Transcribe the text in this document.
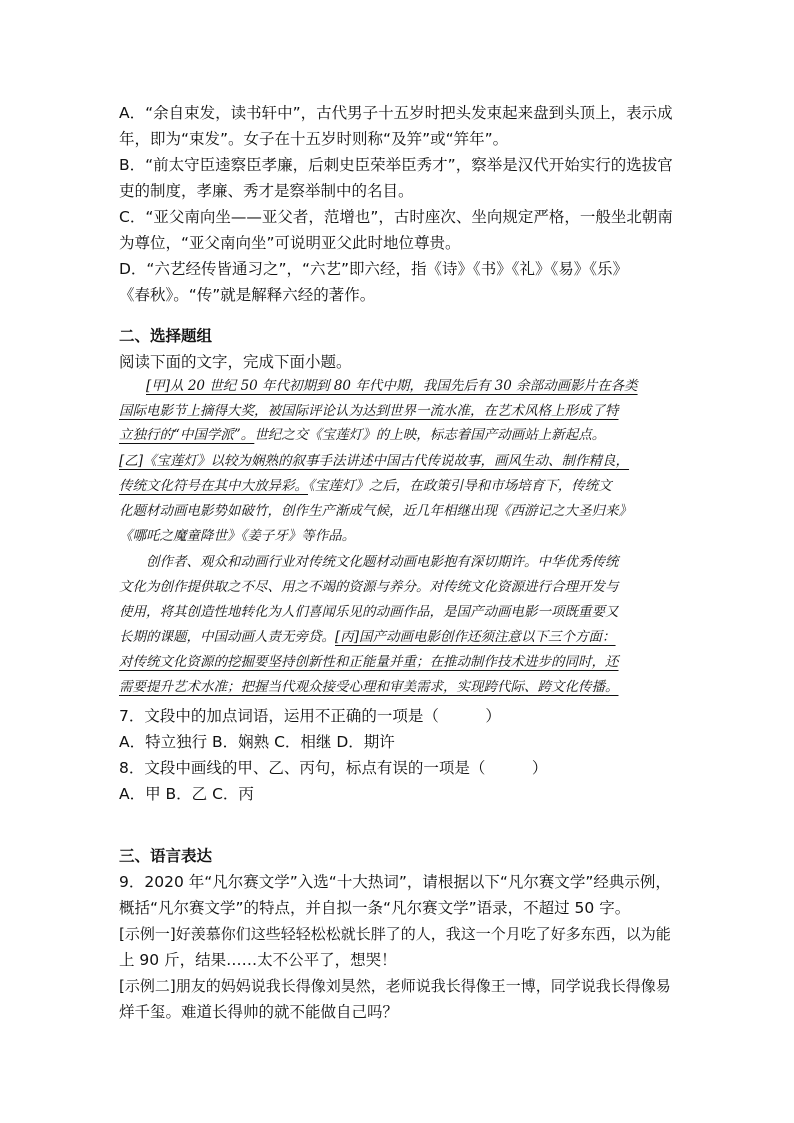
A．“余自束发，读书轩中”，古代男子十五岁时把头发束起来盘到头顶上，表示成
年，即为“束发”。女子在十五岁时则称“及笄”或“笄年”。
B．“前太守臣逵察臣孝廉，后刺史臣荣举臣秀才”，察举是汉代开始实行的选拔官
吏的制度，孝廉、秀才是察举制中的名目。
C．“亚父南向坐——亚父者，范增也”，古时座次、坐向规定严格，一般坐北朝南
为尊位，“亚父南向坐”可说明亚父此时地位尊贵。
D．“六艺经传皆通习之”，“六艺”即六经，指《诗》《书》《礼》《易》《乐》
《春秋》。“传”就是解释六经的著作。
二、选择题组
阅读下面的文字，完成下面小题。
　　[甲]从 20 世纪 50 年代初期到 80 年代中期，我国先后有 30 余部动画影片在各类
国际电影节上摘得大奖，被国际评论认为达到世界一流水准，在艺术风格上形成了特
立独行的“中国学派”。世纪之交《宝莲灯》的上映，标志着国产动画站上新起点。
[乙]《宝莲灯》以较为娴熟的叙事手法讲述中国古代传说故事，画风生动、制作精良，
传统文化符号在其中大放异彩。《宝莲灯》之后，在政策引导和市场培育下，传统文
化题材动画电影势如破竹，创作生产渐成气候，近几年相继出现《西游记之大圣归来》
《哪吒之魔童降世》《姜子牙》等作品。
　　创作者、观众和动画行业对传统文化题材动画电影抱有深切期许。中华优秀传统
文化为创作提供取之不尽、用之不竭的资源与养分。对传统文化资源进行合理开发与
使用，将其创造性地转化为人们喜闻乐见的动画作品，是国产动画电影一项既重要又
长期的课题，中国动画人责无旁贷。[丙]国产动画电影创作还须注意以下三个方面：
对传统文化资源的挖掘要坚持创新性和正能量并重；在推动制作技术进步的同时，还
需要提升艺术水准；把握当代观众接受心理和审美需求，实现跨代际、跨文化传播。
7．文段中的加点词语，运用不正确的一项是（　　　）
A．特立独行 B．娴熟 C．相继 D．期许
8．文段中画线的甲、乙、丙句，标点有误的一项是（　　　）
A．甲 B．乙 C．丙
三、语言表达
9．2020 年“凡尔赛文学”入选“十大热词”，请根据以下“凡尔赛文学”经典示例，
概括“凡尔赛文学”的特点，并自拟一条“凡尔赛文学”语录，不超过 50 字。
[示例一]好羡慕你们这些轻轻松松就长胖了的人，我这一个月吃了好多东西，以为能
上 90 斤，结果……太不公平了，想哭！
[示例二]朋友的妈妈说我长得像刘昊然，老师说我长得像王一博，同学说我长得像易
烊千玺。难道长得帅的就不能做自己吗？
